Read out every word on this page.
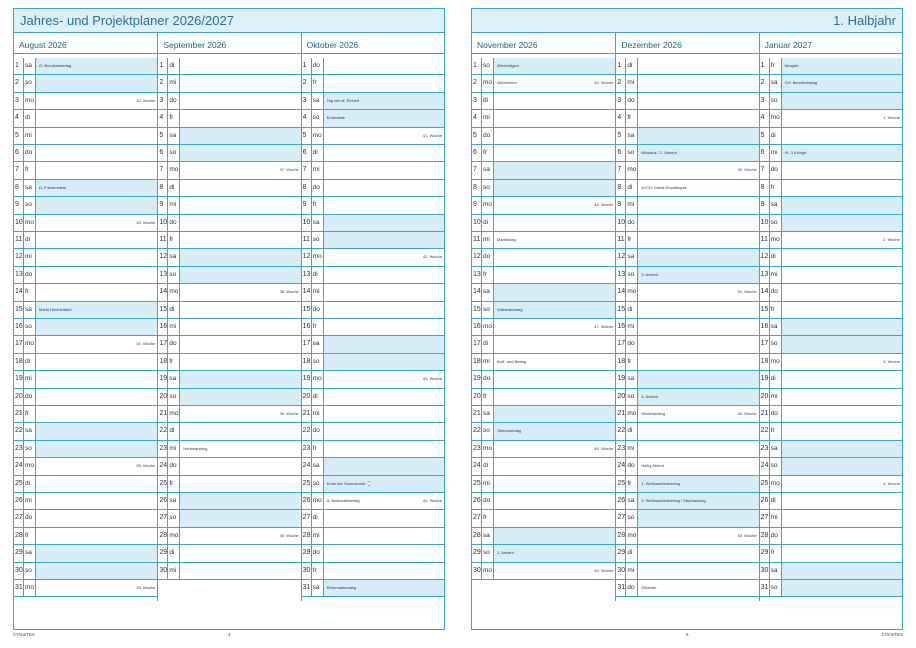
Jahres- und Projektplaner 2026/2027
August 2026
1 sa	Ö. Bundesfeiertag
2 so
3 mo	32. Woche
4 di
5 mi
6 do
7 fr
8 sa	D: Friedensfest
9 so
10 mo	33. Woche
11 di
12 mi
13 do
14 fr
15 sa	Mariä Himmelfahrt
16 so
17 mo	34. Woche
18 di
19 mi
20 do
21 fr
22 sa
23 so
24 mo	35. Woche
25 di
26 mi
27 do
28 fr
29 sa
30 so
31 mo	36. Woche
September 2026
1 di
2 mi
3 do
4 fr
5 sa
6 so
7 mo	37. Woche
8 di
9 mi
10 do
11 fr
12 sa
13 so
14 mo	38. Woche
15 di
16 mi
17 do
18 fr
19 sa
20 so
21 mo	39. Woche
22 di
23 mi	Herbstanfang
24 do
25 fr
26 sa
27 so
28 mo	40. Woche
29 di
30 mi
Oktober 2026
1 do
2 fr
3 sa	Tag der dt. Einheit
4 so	Erntedank
5 mo	41. Woche
6 di
7 mi
8 do
9 fr
10 sa
11 so
12 mo	42. Woche
13 di
14 mi
15 do
16 fr
17 sa
18 so
19 mo	43. Woche
20 di
21 mi
22 do
23 fr
24 sa
25 so	Ende der Sommerzeit ⌚
26 mo	A: Nationalfeiertag	44. Woche
27 di
28 mi
29 do
30 fr
31 sa	Reformationstag
1. Halbjahr
November 2026
1 so	Allerheiligen
2 mo	Allerseelen	45. Woche
3 di
4 mi
5 do
6 fr
7 sa
8 so
9 mo	46. Woche
10 di
11 mi	Martinstag
12 do
13 fr
14 sa
15 so	Volkstrauertag
16 mo	47. Woche
17 di
18 mi	Buß- und Bettag
19 do
20 fr
21 sa
22 so	Totensonntag
23 mo	48. Woche
24 di
25 mi
26 do
27 fr
28 sa
29 so	1. Advent
30 mo	49. Woche
Dezember 2026
1 di
2 mi
3 do
4 fr
5 sa
6 so	Nikolaus / 2. Advent
7 mo	50. Woche
8 di	A+CH: Mariä Empfängnis
9 mi
10 do
11 fr
12 sa
13 so	3. Advent
14 mo	51. Woche
15 di
16 mi
17 do
18 fr
19 sa
20 so	4. Advent
21 mo	Winteranfang	52. Woche
22 di
23 mi
24 do	Heilig Abend
25 fr	1. Weihnachtsfeiertag
26 sa	2. Weihnachtsfeiertag / Stephanstag
27 so
28 mo	53. Woche
29 di
30 mi
31 do	Silvester
Januar 2027
1 fr	Neujahr
2 sa	CH: Berchtoldstag
3 so
4 mo	1. Woche
5 di
6 mi	Hl. 3 Könige
7 do
8 fr
9 sa
10 so
11 mo	2. Woche
12 di
13 mi
14 do
15 fr
16 sa
17 so
18 mo	3. Woche
19 di
20 mi
21 do
22 fr
23 sa
24 so
25 mo	4. Woche
26 di
27 mi
28 do
29 fr
30 sa
31 so
©TimeTEX	4	5	©TimeTEX
